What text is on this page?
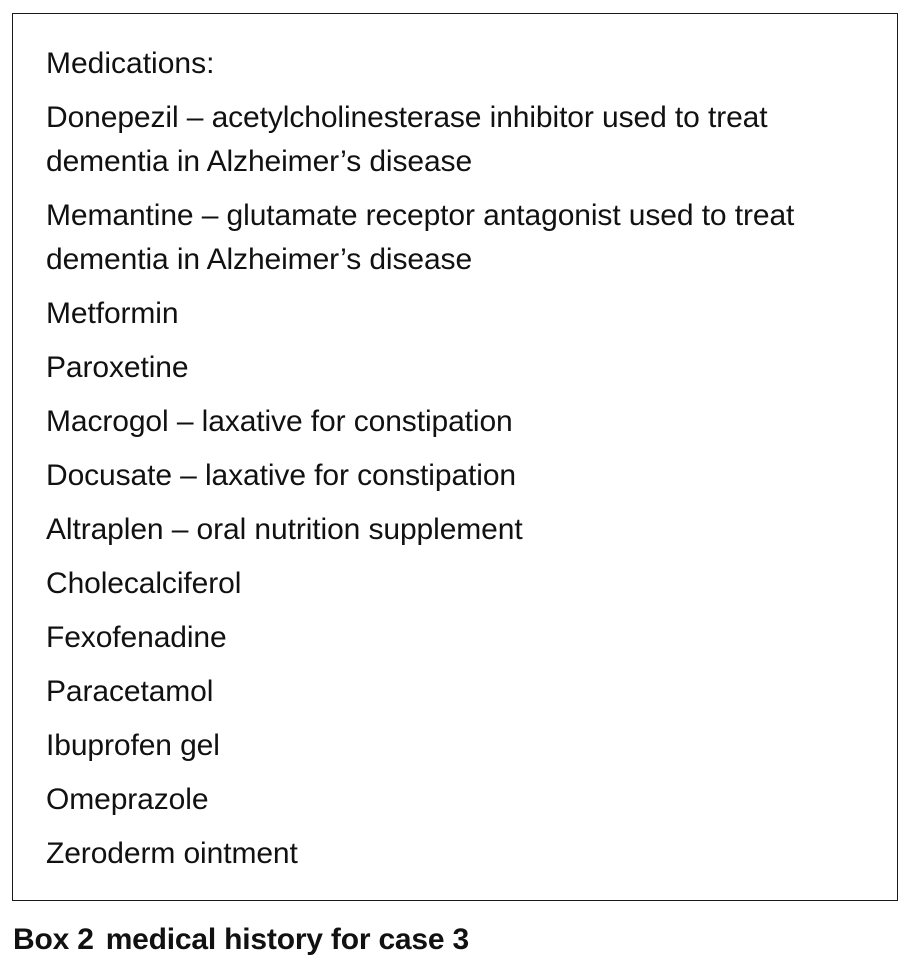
Medications:
Donepezil – acetylcholinesterase inhibitor used to treat dementia in Alzheimer’s disease
Memantine – glutamate receptor antagonist used to treat dementia in Alzheimer’s disease
Metformin
Paroxetine
Macrogol – laxative for constipation
Docusate – laxative for constipation
Altraplen – oral nutrition supplement
Cholecalciferol
Fexofenadine
Paracetamol
Ibuprofen gel
Omeprazole
Zeroderm ointment
Box 2 medical history for case 3
